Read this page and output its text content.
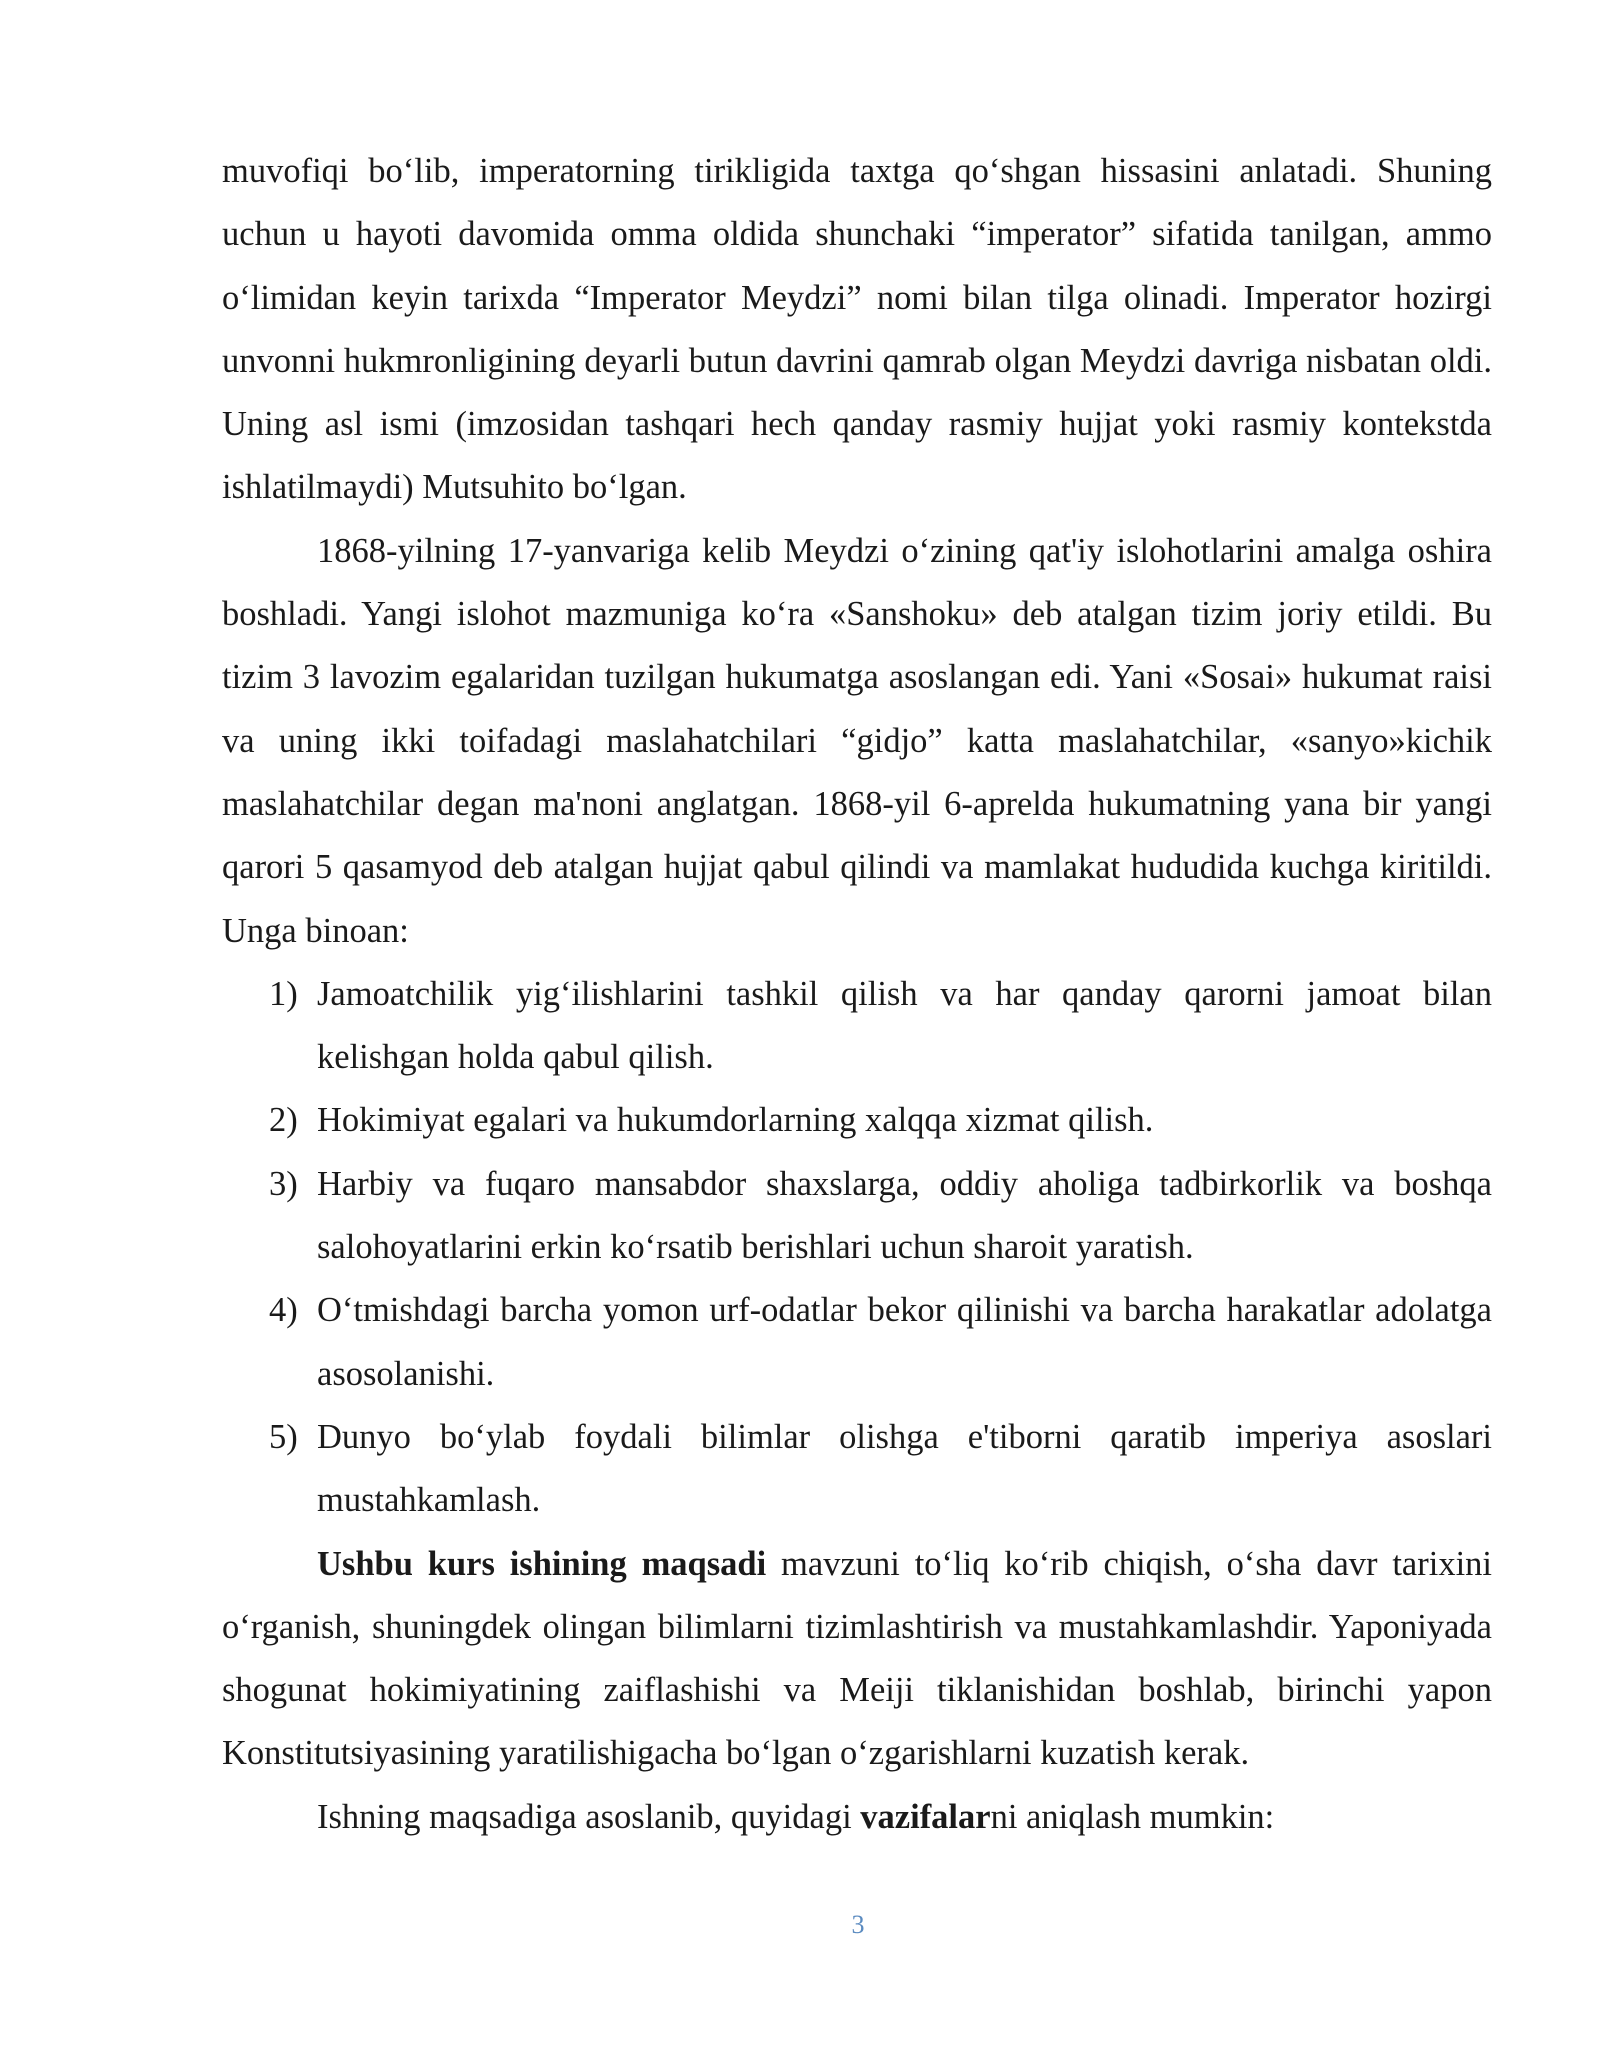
muvofiqi bo‘lib, imperatorning tirikligida taxtga qo‘shgan hissasini anlatadi. Shuning uchun u hayoti davomida omma oldida shunchaki “imperator” sifatida tanilgan, ammo o‘limidan keyin tarixda “Imperator Meydzi” nomi bilan tilga olinadi. Imperator hozirgi unvonni hukmronligining deyarli butun davrini qamrab olgan Meydzi davriga nisbatan oldi. Uning asl ismi (imzosidan tashqari hech qanday rasmiy hujjat yoki rasmiy kontekstda ishlatilmaydi) Mutsuhito bo‘lgan.

1868-yilning 17-yanvariga kelib Meydzi o‘zining qat'iy islohotlarini amalga oshira boshladi. Yangi islohot mazmuniga ko‘ra «Sanshoku» deb atalgan tizim joriy etildi. Bu tizim 3 lavozim egalaridan tuzilgan hukumatga asoslangan edi. Yani «Sosai» hukumat raisi va uning ikki toifadagi maslahatchilari “gidjo” katta maslahatchilar, «sanyo»kichik maslahatchilar degan ma'noni anglatgan. 1868-yil 6-aprelda hukumatning yana bir yangi qarori 5 qasamyod deb atalgan hujjat qabul qilindi va mamlakat hududida kuchga kiritildi. Unga binoan:

1) Jamoatchilik yig‘ilishlarini tashkil qilish va har qanday qarorni jamoat bilan kelishgan holda qabul qilish.
2) Hokimiyat egalari va hukumdorlarning xalqqa xizmat qilish.
3) Harbiy va fuqaro mansabdor shaxslarga, oddiy aholiga tadbirkorlik va boshqa salohoyatlarini erkin ko‘rsatib berishlari uchun sharoit yaratish.
4) O‘tmishdagi barcha yomon urf-odatlar bekor qilinishi va barcha harakatlar adolatga asosolanishi.
5) Dunyo bo‘ylab foydali bilimlar olishga e'tiborni qaratib imperiya asoslari mustahkamlash.

Ushbu kurs ishining maqsadi mavzuni to‘liq ko‘rib chiqish, o‘sha davr tarixini o‘rganish, shuningdek olingan bilimlarni tizimlashtirish va mustahkamlashdir. Yaponiyada shogunat hokimiyatining zaiflashishi va Meiji tiklanishidan boshlab, birinchi yapon Konstitutsiyasining yaratilishigacha bo‘lgan o‘zgarishlarni kuzatish kerak.

Ishning maqsadiga asoslanib, quyidagi vazifalarni aniqlash mumkin:

3
